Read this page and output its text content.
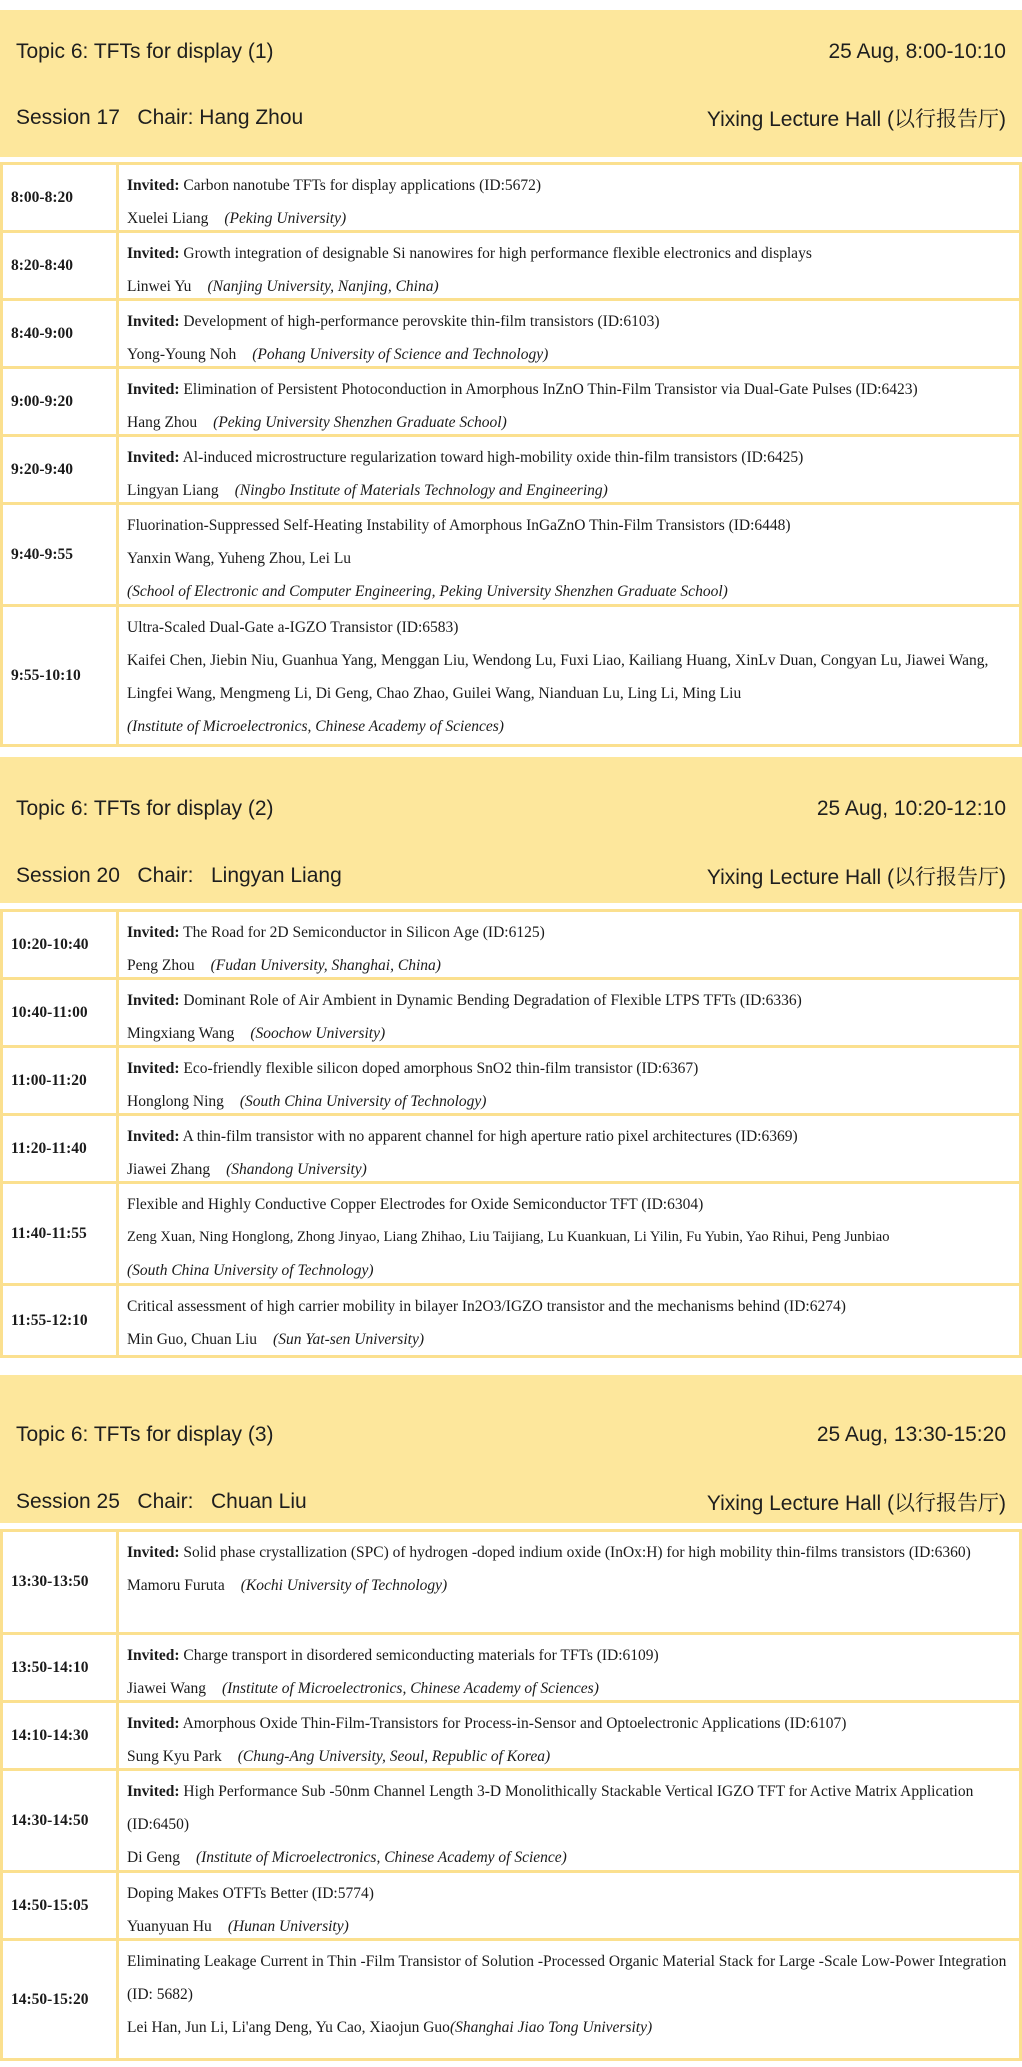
Topic 6: TFTs for display (1)	25 Aug, 8:00-10:10
Session 17 Chair: Hang Zhou	Yixing Lecture Hall (以行报告厅)
8:00-8:20
Invited: Carbon nanotube TFTs for display applications (ID:5672)
Xuelei Liang (Peking University)
8:20-8:40
Invited: Growth integration of designable Si nanowires for high performance flexible electronics and displays
Linwei Yu (Nanjing University, Nanjing, China)
8:40-9:00
Invited: Development of high-performance perovskite thin-film transistors (ID:6103)
Yong-Young Noh (Pohang University of Science and Technology)
9:00-9:20
Invited: Elimination of Persistent Photoconduction in Amorphous InZnO Thin-Film Transistor via Dual-Gate Pulses (ID:6423)
Hang Zhou (Peking University Shenzhen Graduate School)
9:20-9:40
Invited: Al-induced microstructure regularization toward high-mobility oxide thin-film transistors (ID:6425)
Lingyan Liang (Ningbo Institute of Materials Technology and Engineering)
9:40-9:55
Fluorination-Suppressed Self-Heating Instability of Amorphous InGaZnO Thin-Film Transistors (ID:6448)
Yanxin Wang, Yuheng Zhou, Lei Lu
(School of Electronic and Computer Engineering, Peking University Shenzhen Graduate School)
9:55-10:10
Ultra-Scaled Dual-Gate a-IGZO Transistor (ID:6583)
Kaifei Chen, Jiebin Niu, Guanhua Yang, Menggan Liu, Wendong Lu, Fuxi Liao, Kailiang Huang, XinLv Duan, Congyan Lu, Jiawei Wang, Lingfei Wang, Mengmeng Li, Di Geng, Chao Zhao, Guilei Wang, Nianduan Lu, Ling Li, Ming Liu
(Institute of Microelectronics, Chinese Academy of Sciences)
Topic 6: TFTs for display (2)	25 Aug, 10:20-12:10
Session 20 Chair: Lingyan Liang	Yixing Lecture Hall (以行报告厅)
10:20-10:40
Invited: The Road for 2D Semiconductor in Silicon Age (ID:6125)
Peng Zhou (Fudan University, Shanghai, China)
10:40-11:00
Invited: Dominant Role of Air Ambient in Dynamic Bending Degradation of Flexible LTPS TFTs (ID:6336)
Mingxiang Wang (Soochow University)
11:00-11:20
Invited: Eco-friendly flexible silicon doped amorphous SnO2 thin-film transistor (ID:6367)
Honglong Ning (South China University of Technology)
11:20-11:40
Invited: A thin-film transistor with no apparent channel for high aperture ratio pixel architectures (ID:6369)
Jiawei Zhang (Shandong University)
11:40-11:55
Flexible and Highly Conductive Copper Electrodes for Oxide Semiconductor TFT (ID:6304)
Zeng Xuan, Ning Honglong, Zhong Jinyao, Liang Zhihao, Liu Taijiang, Lu Kuankuan, Li Yilin, Fu Yubin, Yao Rihui, Peng Junbiao
(South China University of Technology)
11:55-12:10
Critical assessment of high carrier mobility in bilayer In2O3/IGZO transistor and the mechanisms behind (ID:6274)
Min Guo, Chuan Liu (Sun Yat-sen University)
Topic 6: TFTs for display (3)	25 Aug, 13:30-15:20
Session 25 Chair: Chuan Liu	Yixing Lecture Hall (以行报告厅)
13:30-13:50
Invited: Solid phase crystallization (SPC) of hydrogen -doped indium oxide (InOx:H) for high mobility thin-films transistors (ID:6360)
Mamoru Furuta (Kochi University of Technology)
13:50-14:10
Invited: Charge transport in disordered semiconducting materials for TFTs (ID:6109)
Jiawei Wang (Institute of Microelectronics, Chinese Academy of Sciences)
14:10-14:30
Invited: Amorphous Oxide Thin-Film-Transistors for Process-in-Sensor and Optoelectronic Applications (ID:6107)
Sung Kyu Park (Chung-Ang University, Seoul, Republic of Korea)
14:30-14:50
Invited: High Performance Sub -50nm Channel Length 3-D Monolithically Stackable Vertical IGZO TFT for Active Matrix Application (ID:6450)
Di Geng (Institute of Microelectronics, Chinese Academy of Science)
14:50-15:05
Doping Makes OTFTs Better (ID:5774)
Yuanyuan Hu (Hunan University)
14:50-15:20
Eliminating Leakage Current in Thin -Film Transistor of Solution -Processed Organic Material Stack for Large -Scale Low-Power Integration (ID: 5682)
Lei Han, Jun Li, Li'ang Deng, Yu Cao, Xiaojun Guo(Shanghai Jiao Tong University)
